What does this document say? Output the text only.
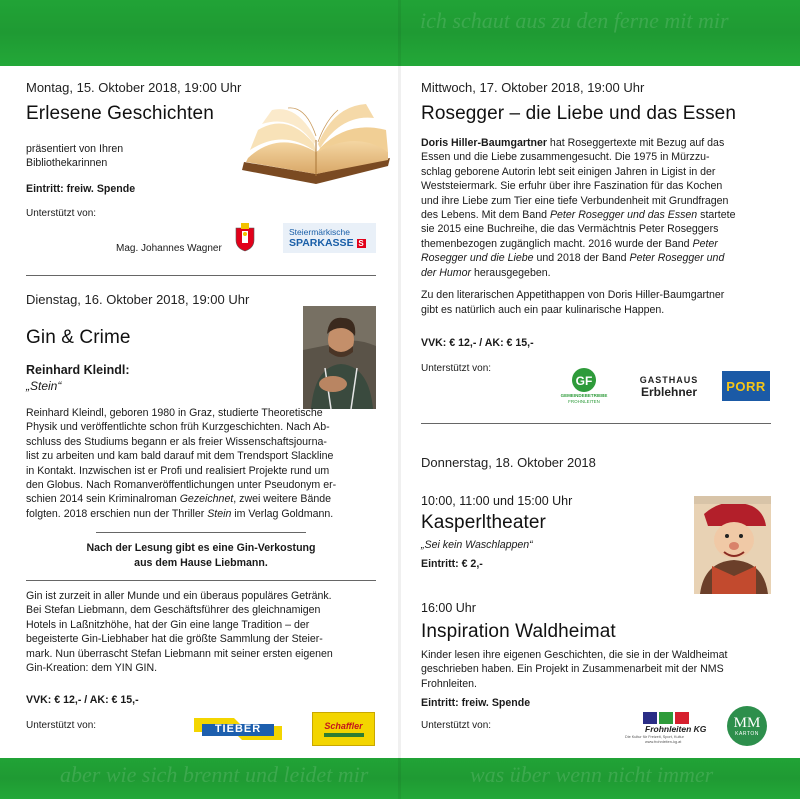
ich schaut aus zu den ferne mit mir
aber wie sich brennt und leidet mir	was über wenn nicht immer
Montag, 15. Oktober 2018, 19:00 Uhr
Erlesene Geschichten
präsentiert von Ihren
Bibliothekarinnen
Eintritt: freiw. Spende
Unterstützt von:
Mag. Johannes Wagner
Steiermärkische
SPARKASSE S
Dienstag, 16. Oktober 2018, 19:00 Uhr
Gin & Crime
Reinhard Kleindl:
„Stein“
Reinhard Kleindl, geboren 1980 in Graz, studierte Theoretische
Physik und veröffentlichte schon früh Kurzgeschichten. Nach Ab-
schluss des Studiums begann er als freier Wissenschaftsjourna-
list zu arbeiten und kam bald darauf mit dem Trendsport Slackline
in Kontakt. Inzwischen ist er Profi und realisiert Projekte rund um
den Globus. Nach Romanveröffentlichungen unter Pseudonym er-
schien 2014 sein Kriminalroman Gezeichnet, zwei weitere Bände
folgten. 2018 erschien nun der Thriller Stein im Verlag Goldmann.
Nach der Lesung gibt es eine Gin-Verkostung
aus dem Hause Liebmann.
Gin ist zurzeit in aller Munde und ein überaus populäres Getränk.
Bei Stefan Liebmann, dem Geschäftsführer des gleichnamigen
Hotels in Laßnitzhöhe, hat der Gin eine lange Tradition – der
begeisterte Gin-Liebhaber hat die größte Sammlung der Steier-
mark. Nun überrascht Stefan Liebmann mit seiner ersten eigenen
Gin-Kreation: dem YIN GIN.
VVK: € 12,- / AK: € 15,-
Unterstützt von:	TIEBER	Schaffler
Mittwoch, 17. Oktober 2018, 19:00 Uhr
Rosegger – die Liebe und das Essen
Doris Hiller-Baumgartner hat Roseggertexte mit Bezug auf das
Essen und die Liebe zusammengesucht. Die 1975 in Mürzzu-
schlag geborene Autorin lebt seit einigen Jahren in Ligist in der
Weststeiermark. Sie erfuhr über ihre Faszination für das Kochen
und ihre Liebe zum Tier eine tiefe Verbundenheit mit Grundfragen
des Lebens. Mit dem Band Peter Rosegger und das Essen startete
sie 2015 eine Buchreihe, die das Vermächtnis Peter Roseggers
themenbezogen zugänglich macht. 2016 wurde der Band Peter
Rosegger und die Liebe und 2018 der Band Peter Rosegger und
der Humor herausgegeben.
Zu den literarischen Appetithappen von Doris Hiller-Baumgartner
gibt es natürlich auch ein paar kulinarische Happen.
VVK: € 12,- / AK: € 15,-
Unterstützt von:
GF
GEMEINDEBETRIEBE
FROHNLEITEN
GASTHAUS
Erblehner PORR
Donnerstag, 18. Oktober 2018
10:00, 11:00 und 15:00 Uhr
Kasperltheater
„Sei kein Waschlappen“
Eintritt: € 2,-
16:00 Uhr
Inspiration Waldheimat
Kinder lesen ihre eigenen Geschichten, die sie in der Waldheimat
geschrieben haben. Ein Projekt in Zusammenarbeit mit der NMS
Frohnleiten.
Eintritt: freiw. Spende
Unterstützt von:	Frohnleiten KG
Die Kultur für Freizeit, Sport, Kultur
www.frohnleiten-kg.at
MM
KARTON
